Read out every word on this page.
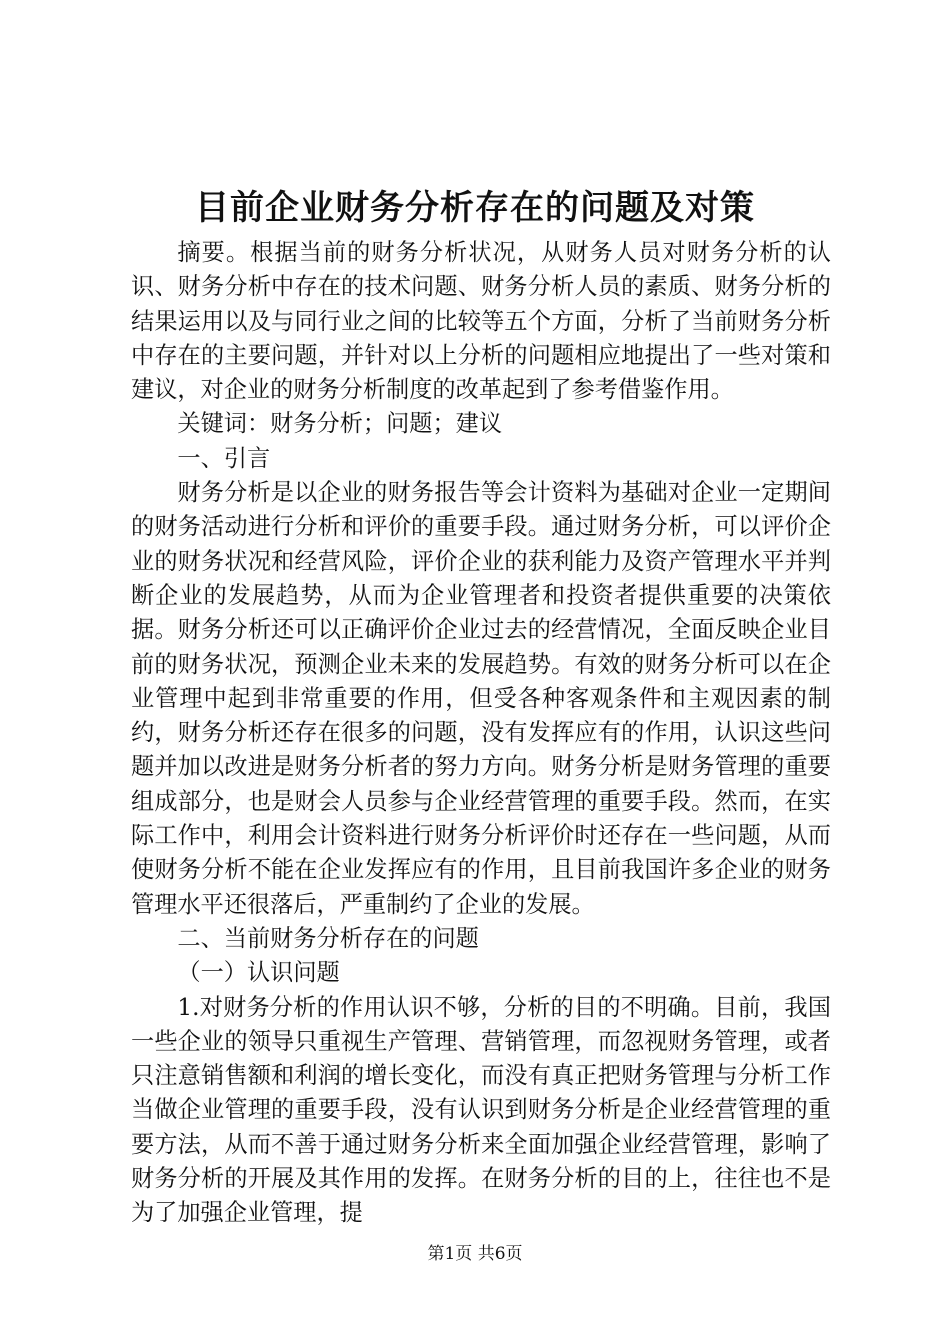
目前企业财务分析存在的问题及对策

摘要。根据当前的财务分析状况，从财务人员对财务分析的认识、财务分析中存在的技术问题、财务分析人员的素质、财务分析的结果运用以及与同行业之间的比较等五个方面，分析了当前财务分析中存在的主要问题，并针对以上分析的问题相应地提出了一些对策和建议，对企业的财务分析制度的改革起到了参考借鉴作用。

关键词：财务分析；问题；建议

一、引言

财务分析是以企业的财务报告等会计资料为基础对企业一定期间的财务活动进行分析和评价的重要手段。通过财务分析，可以评价企业的财务状况和经营风险，评价企业的获利能力及资产管理水平并判断企业的发展趋势，从而为企业管理者和投资者提供重要的决策依据。财务分析还可以正确评价企业过去的经营情况，全面反映企业目前的财务状况，预测企业未来的发展趋势。有效的财务分析可以在企业管理中起到非常重要的作用，但受各种客观条件和主观因素的制约，财务分析还存在很多的问题，没有发挥应有的作用，认识这些问题并加以改进是财务分析者的努力方向。财务分析是财务管理的重要组成部分，也是财会人员参与企业经营管理的重要手段。然而，在实际工作中，利用会计资料进行财务分析评价时还存在一些问题，从而使财务分析不能在企业发挥应有的作用，且目前我国许多企业的财务管理水平还很落后，严重制约了企业的发展。

二、当前财务分析存在的问题

（一）认识问题

1.对财务分析的作用认识不够，分析的目的不明确。目前，我国一些企业的领导只重视生产管理、营销管理，而忽视财务管理，或者只注意销售额和利润的增长变化，而没有真正把财务管理与分析工作当做企业管理的重要手段，没有认识到财务分析是企业经营管理的重要方法，从而不善于通过财务分析来全面加强企业经营管理，影响了财务分析的开展及其作用的发挥。在财务分析的目的上，往往也不是为了加强企业管理，提

第1页 共6页
